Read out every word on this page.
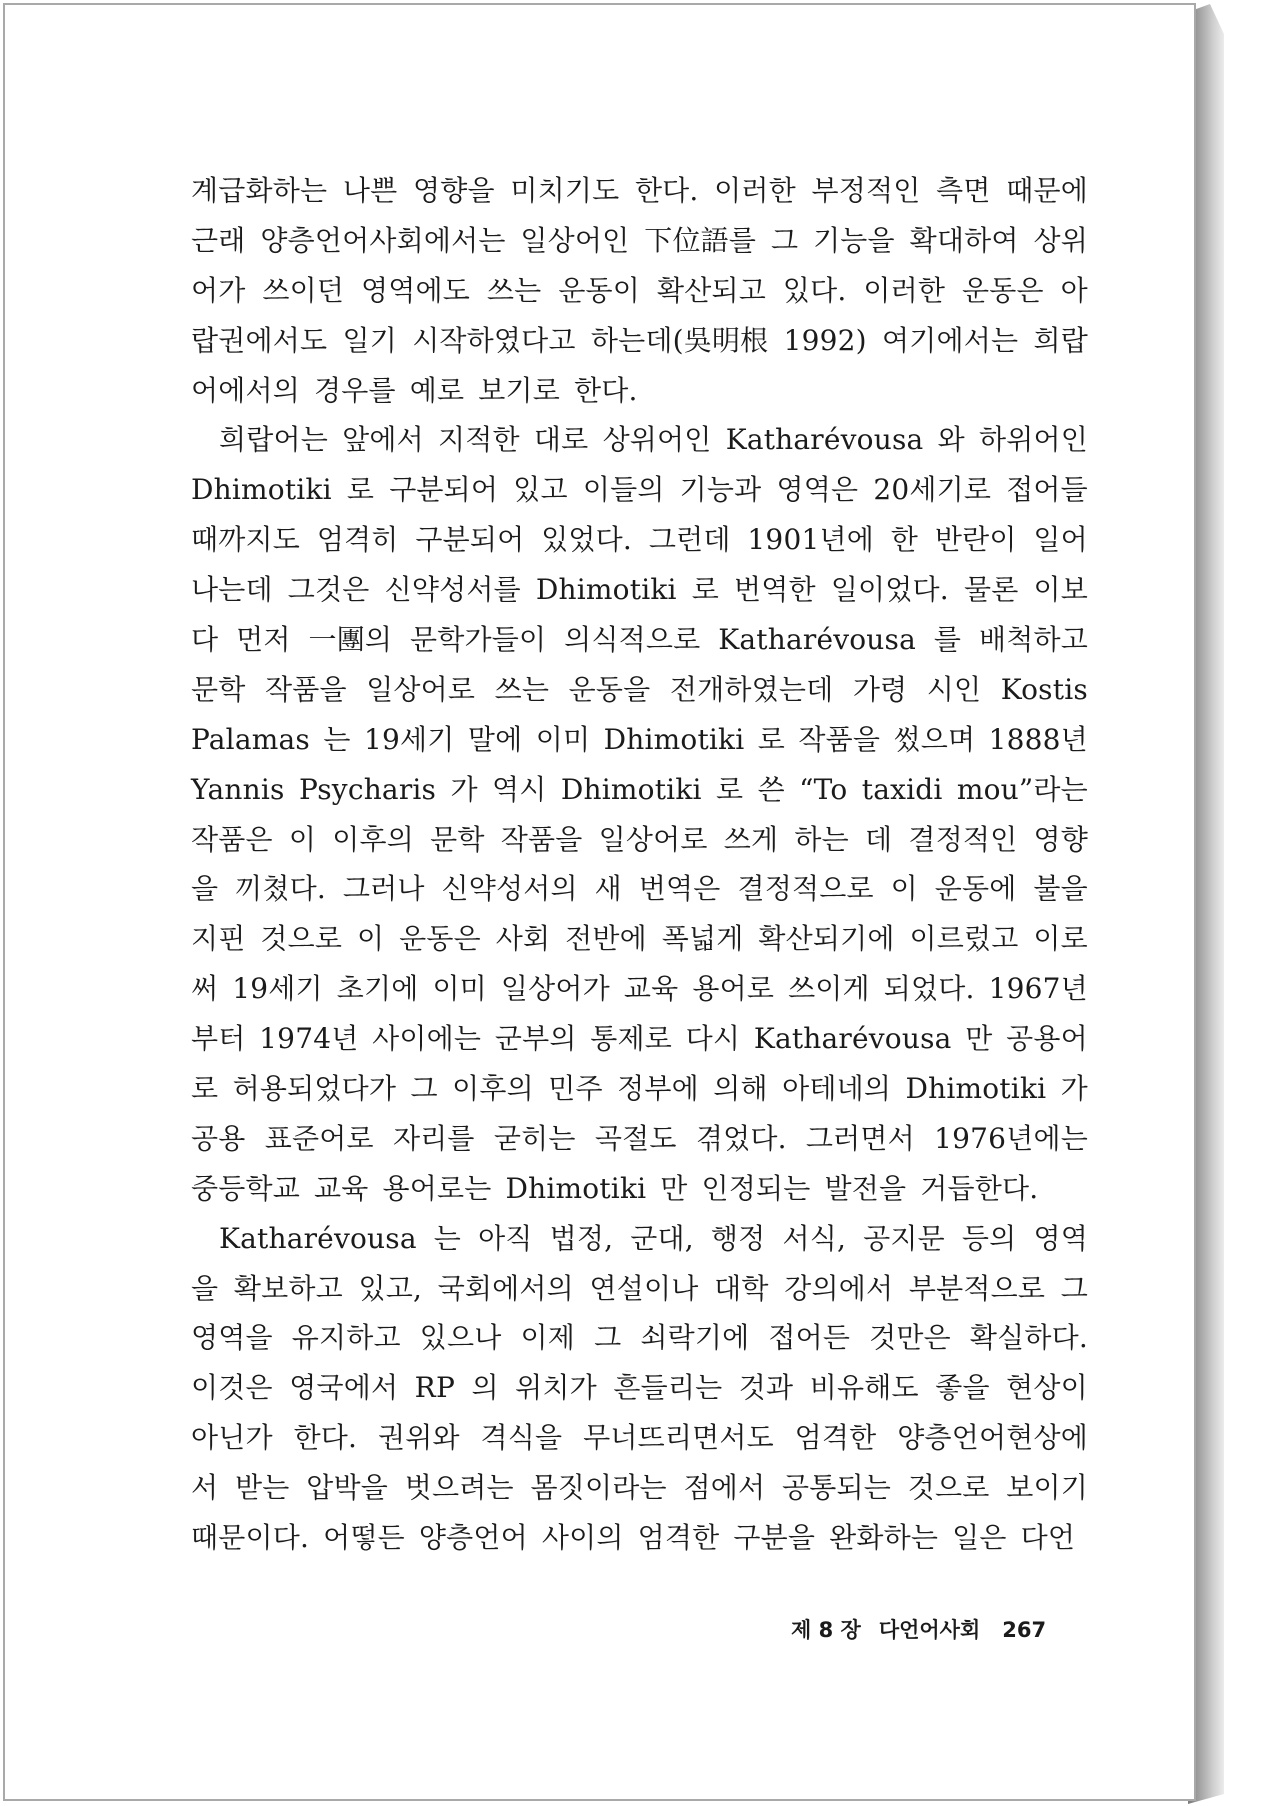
계급화하는 나쁜 영향을 미치기도 한다. 이러한 부정적인 측면 때문에
근래 양층언어사회에서는 일상어인 下位語를 그 기능을 확대하여 상위
어가 쓰이던 영역에도 쓰는 운동이 확산되고 있다. 이러한 운동은 아
랍권에서도 일기 시작하였다고 하는데(吳明根 1992) 여기에서는 희랍
어에서의 경우를 예로 보기로 한다.
희랍어는 앞에서 지적한 대로 상위어인 Katharévousa 와 하위어인
Dhimotiki 로 구분되어 있고 이들의 기능과 영역은 20세기로 접어들
때까지도 엄격히 구분되어 있었다. 그런데 1901년에 한 반란이 일어
나는데 그것은 신약성서를 Dhimotiki 로 번역한 일이었다. 물론 이보
다 먼저 一團의 문학가들이 의식적으로 Katharévousa 를 배척하고
문학 작품을 일상어로 쓰는 운동을 전개하였는데 가령 시인 Kostis
Palamas 는 19세기 말에 이미 Dhimotiki 로 작품을 썼으며 1888년
Yannis Psycharis 가 역시 Dhimotiki 로 쓴 “To taxidi mou”라는
작품은 이 이후의 문학 작품을 일상어로 쓰게 하는 데 결정적인 영향
을 끼쳤다. 그러나 신약성서의 새 번역은 결정적으로 이 운동에 불을
지핀 것으로 이 운동은 사회 전반에 폭넓게 확산되기에 이르렀고 이로
써 19세기 초기에 이미 일상어가 교육 용어로 쓰이게 되었다. 1967년
부터 1974년 사이에는 군부의 통제로 다시 Katharévousa 만 공용어
로 허용되었다가 그 이후의 민주 정부에 의해 아테네의 Dhimotiki 가
공용 표준어로 자리를 굳히는 곡절도 겪었다. 그러면서 1976년에는
중등학교 교육 용어로는 Dhimotiki 만 인정되는 발전을 거듭한다.
Katharévousa 는 아직 법정, 군대, 행정 서식, 공지문 등의 영역
을 확보하고 있고, 국회에서의 연설이나 대학 강의에서 부분적으로 그
영역을 유지하고 있으나 이제 그 쇠락기에 접어든 것만은 확실하다.
이것은 영국에서 RP 의 위치가 흔들리는 것과 비유해도 좋을 현상이
아닌가 한다. 권위와 격식을 무너뜨리면서도 엄격한 양층언어현상에
서 받는 압박을 벗으려는 몸짓이라는 점에서 공통되는 것으로 보이기
때문이다. 어떻든 양층언어 사이의 엄격한 구분을 완화하는 일은 다언
제 8 장 다언어사회 267
